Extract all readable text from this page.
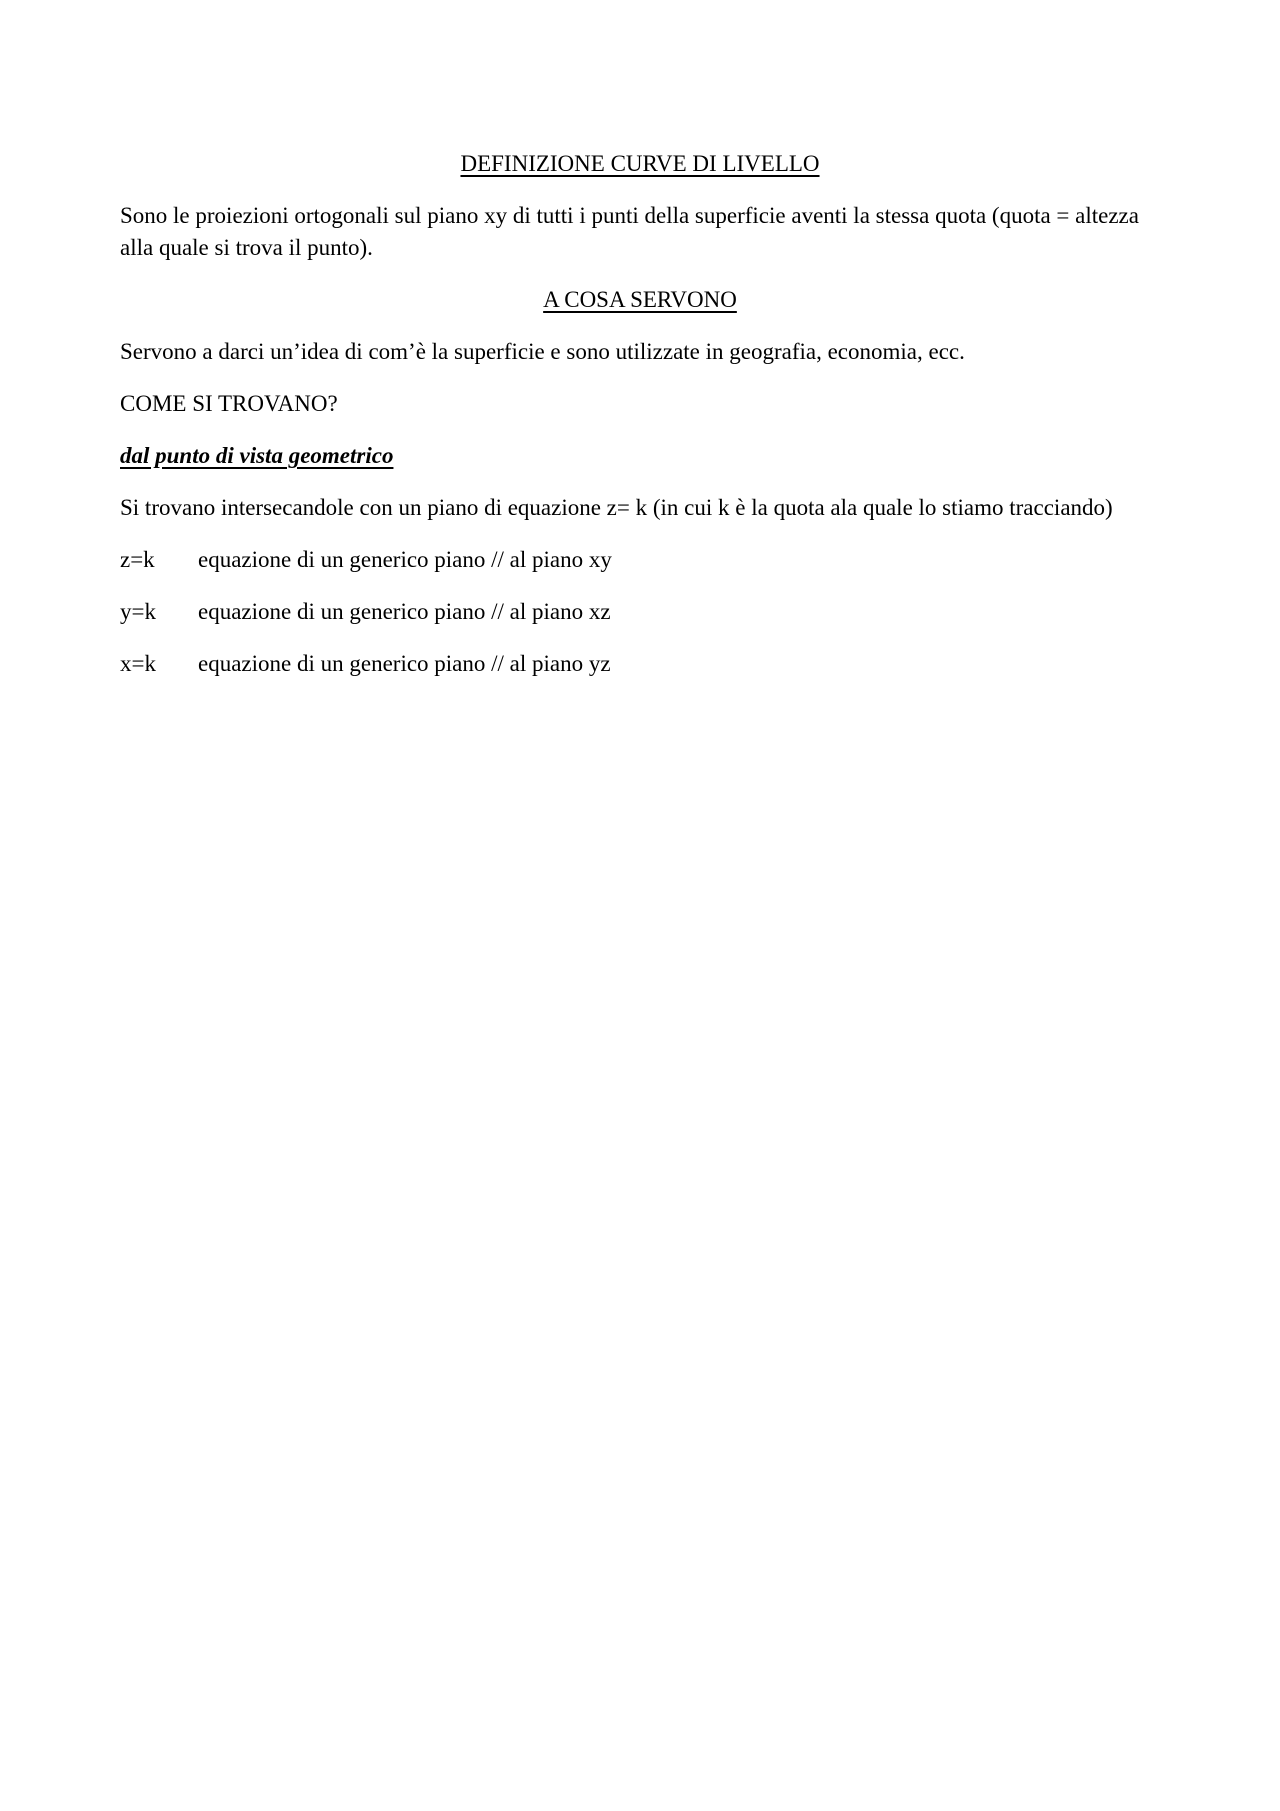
DEFINIZIONE CURVE DI LIVELLO

Sono le proiezioni ortogonali sul piano xy di tutti i punti della superficie aventi la stessa quota (quota = altezza alla quale si trova il punto).

A COSA SERVONO

Servono a darci un’idea di com’è la superficie e sono utilizzate in geografia, economia, ecc.

COME SI TROVANO?

dal punto di vista geometrico

Si trovano intersecandole con un piano di equazione z= k (in cui k è la quota ala quale lo stiamo tracciando)

z=k	equazione di un generico piano // al piano xy
y=k	equazione di un generico piano // al piano xz
x=k	equazione di un generico piano // al piano yz
